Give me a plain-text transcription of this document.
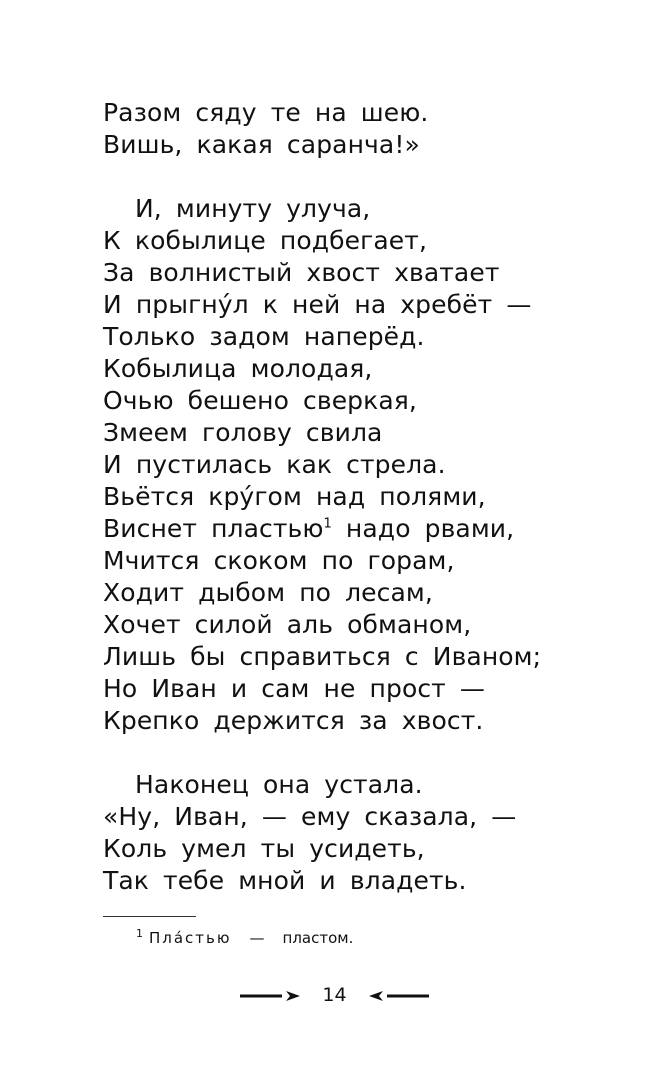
Разом сяду те на шею.
Вишь, какая саранча!»
И, минуту улуча,
К кобылице подбегает,
За волнистый хвост хватает
И прыгну́л к ней на хребёт —
Только задом наперёд.
Кобылица молодая,
Очью бешено сверкая,
Змеем голову свила
И пустилась как стрела.
Вьётся кру́гом над полями,
Виснет пластью$^1$ надо рвами,
Мчится скоком по горам,
Ходит дыбом по лесам,
Хочет силой аль обманом,
Лишь бы справиться с Иваном;
Но Иван и сам не прост —
Крепко держится за хвост.
Наконец она устала.
«Ну, Иван, — ему сказала, —
Коль умел ты усидеть,
Так тебе мной и владеть.
$^1$ Пла́стью — пластом.
14
